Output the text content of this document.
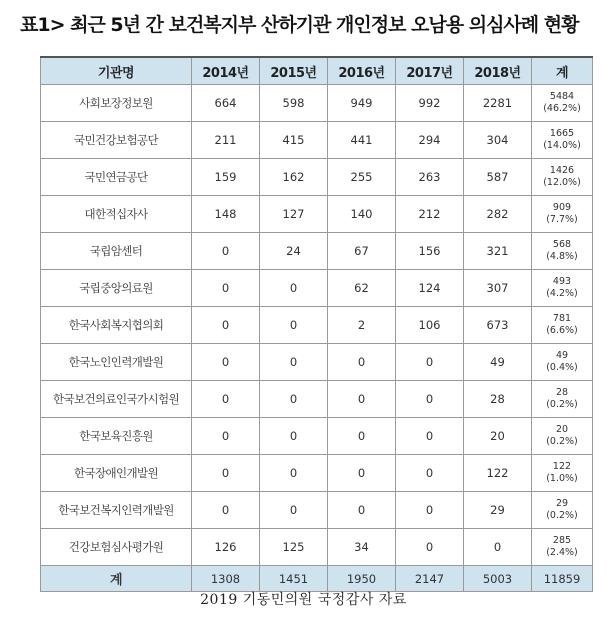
표1> 최근 5년 간 보건복지부 산하기관 개인정보 오남용 의심사례 현황
기관명	2014년	2015년	2016년	2017년	2018년	계
사회보장정보원	664	598	949	992	2281	5484
(46.2%)
국민건강보험공단	211	415	441	294	304	1665
(14.0%)
국민연금공단	159	162	255	263	587	1426
(12.0%)
대한적십자사	148	127	140	212	282	909
(7.7%)
국립암센터	0	24	67	156	321	568
(4.8%)
국립중앙의료원	0	0	62	124	307	493
(4.2%)
한국사회복지협의회	0	0	2	106	673	781
(6.6%)
한국노인인력개발원	0	0	0	0	49	49
(0.4%)
한국보건의료인국가시험원	0	0	0	0	28	28
(0.2%)
한국보육진흥원	0	0	0	0	20	20
(0.2%)
한국장애인개발원	0	0	0	0	122	122
(1.0%)
한국보건복지인력개발원	0	0	0	0	29	29
(0.2%)
건강보험심사평가원	126	125	34	0	0	285
(2.4%)
계	1308	1451	1950	2147	5003	11859
2019 기동민의원 국정감사 자료
